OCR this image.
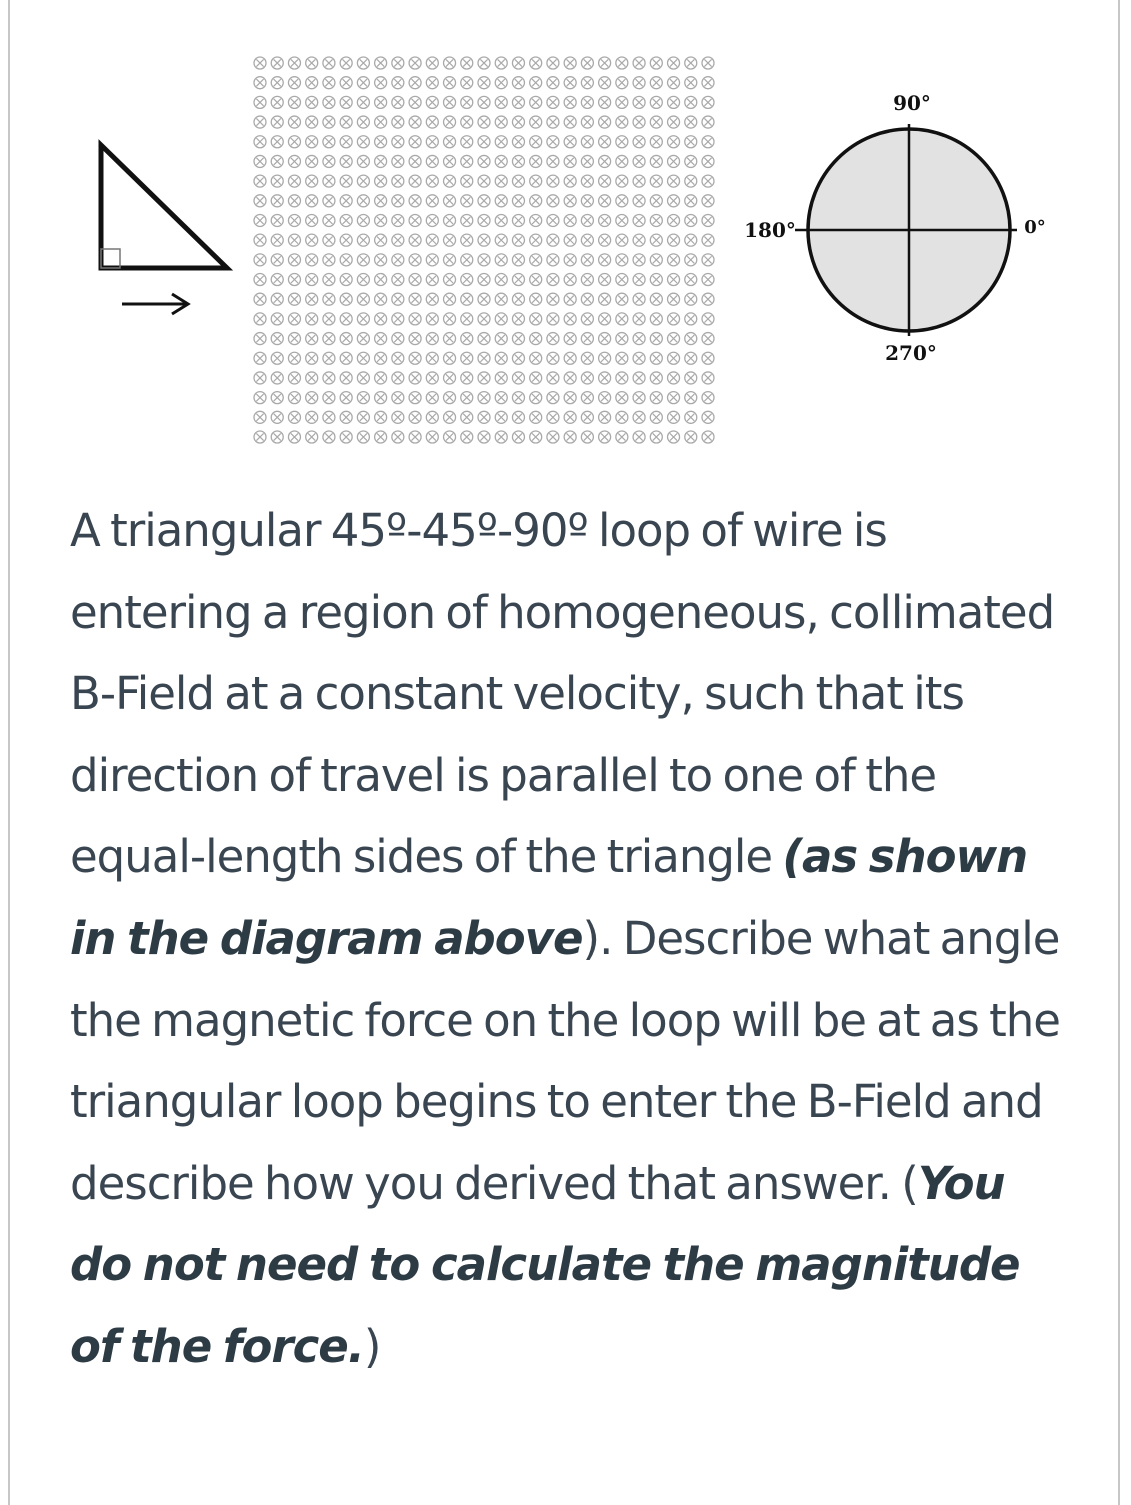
90°
180°	0°
270°

A triangular 45º-45º-90º loop of wire is entering a region of homogeneous, collimated B-Field at a constant velocity, such that its direction of travel is parallel to one of the equal-length sides of the triangle (as shown in the diagram above). Describe what angle the magnetic force on the loop will be at as the triangular loop begins to enter the B-Field and describe how you derived that answer. (You do not need to calculate the magnitude of the force.)
